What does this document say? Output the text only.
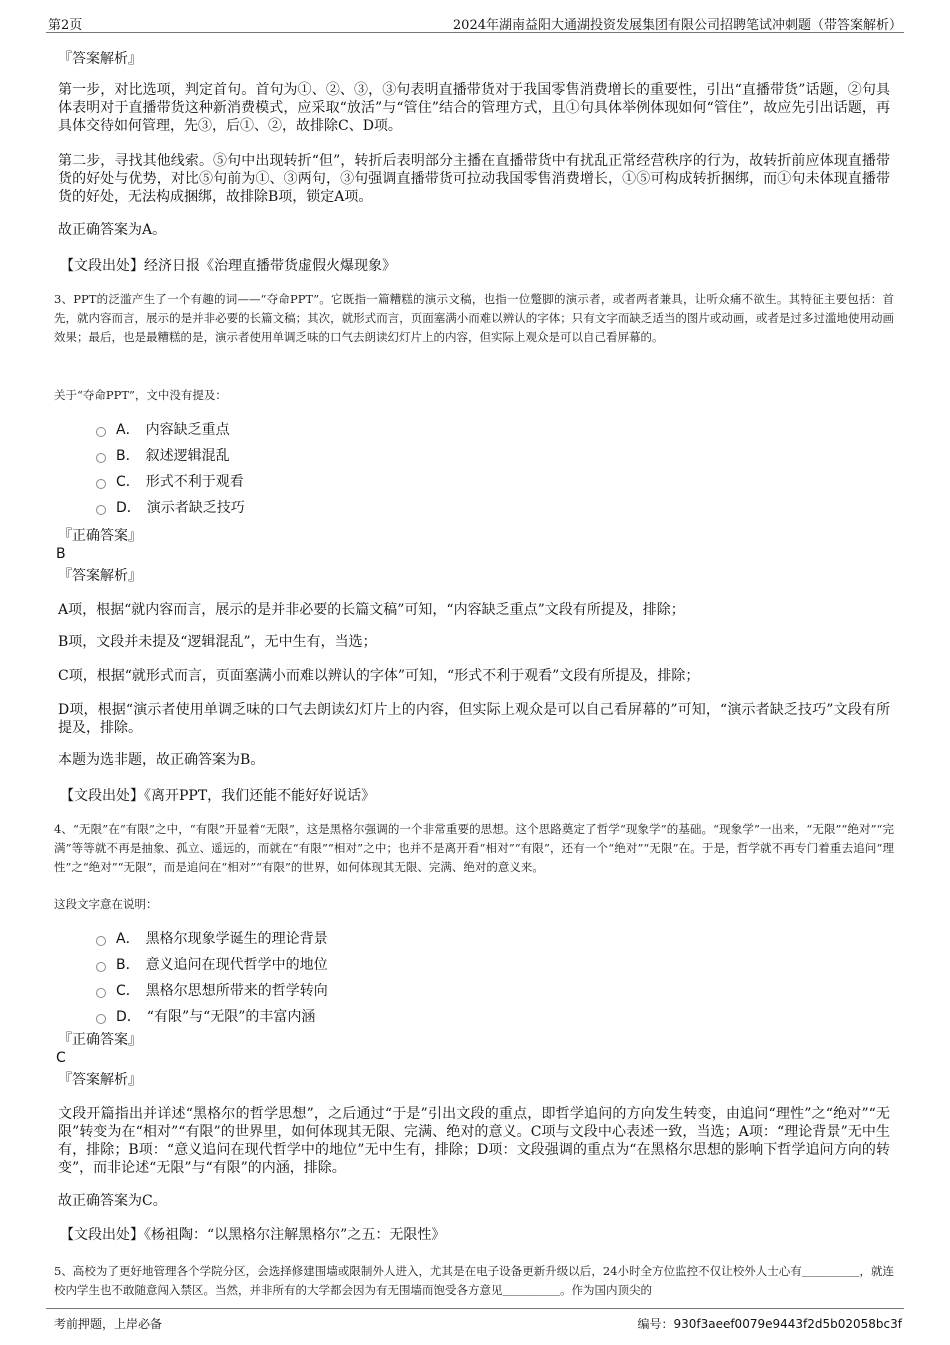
第2页	2024年湖南益阳大通湖投资发展集团有限公司招聘笔试冲刺题（带答案解析）
『答案解析』

第一步，对比选项，判定首句。首句为①、②、③，③句表明直播带货对于我国零售消费增长的重要性，引出“直播带货”话题，②句具体表明对于直播带货这种新消费模式，应采取“放活”与“管住”结合的管理方式，且①句具体举例体现如何“管住”，故应先引出话题，再具体交待如何管理，先③，后①、②，故排除C、D项。

第二步，寻找其他线索。⑤句中出现转折“但”，转折后表明部分主播在直播带货中有扰乱正常经营秩序的行为，故转折前应体现直播带货的好处与优势，对比⑤句前为①、③两句，③句强调直播带货可拉动我国零售消费增长，①⑤可构成转折捆绑，而①句未体现直播带货的好处，无法构成捆绑，故排除B项，锁定A项。

故正确答案为A。

【文段出处】经济日报《治理直播带货虚假火爆现象》

3、PPT的泛滥产生了一个有趣的词——“夺命PPT”。它既指一篇糟糕的演示文稿，也指一位蹩脚的演示者，或者两者兼具，让听众痛不欲生。其特征主要包括：首先，就内容而言，展示的是并非必要的长篇文稿；其次，就形式而言，页面塞满小而难以辨认的字体；只有文字而缺乏适当的图片或动画，或者是过多过滥地使用动画效果；最后，也是最糟糕的是，演示者使用单调乏味的口气去朗读幻灯片上的内容，但实际上观众是可以自己看屏幕的。

关于“夺命PPT”，文中没有提及：

A． 内容缺乏重点
B． 叙述逻辑混乱
C． 形式不利于观看
D． 演示者缺乏技巧
『正确答案』
B
『答案解析』

A项，根据“就内容而言，展示的是并非必要的长篇文稿”可知，“内容缺乏重点”文段有所提及，排除；

B项，文段并未提及“逻辑混乱”，无中生有，当选；

C项，根据“就形式而言，页面塞满小而难以辨认的字体”可知，“形式不利于观看”文段有所提及，排除；

D项，根据“演示者使用单调乏味的口气去朗读幻灯片上的内容，但实际上观众是可以自己看屏幕的”可知，“演示者缺乏技巧”文段有所提及，排除。

本题为选非题，故正确答案为B。

【文段出处】《离开PPT，我们还能不能好好说话》

4、“无限”在“有限”之中，“有限”开显着“无限”，这是黑格尔强调的一个非常重要的思想。这个思路奠定了哲学“现象学”的基础。“现象学”一出来，“无限”“绝对”“完满”等等就不再是抽象、孤立、遥远的，而就在“有限”“相对”之中；也并不是离开看“相对”“有限”，还有一个“绝对”“无限”在。于是，哲学就不再专门着重去追问“理性”之“绝对”“无限”，而是追问在“相对”“有限”的世界，如何体现其无限、完满、绝对的意义来。

这段文字意在说明：

A． 黑格尔现象学诞生的理论背景
B． 意义追问在现代哲学中的地位
C． 黑格尔思想所带来的哲学转向
D． “有限”与“无限”的丰富内涵
『正确答案』
C
『答案解析』

文段开篇指出并详述“黑格尔的哲学思想”，之后通过“于是”引出文段的重点，即哲学追问的方向发生转变，由追问“理性”之“绝对”“无限”转变为在“相对”“有限”的世界里，如何体现其无限、完满、绝对的意义。C项与文段中心表述一致，当选；A项：“理论背景”无中生有，排除；B项：“意义追问在现代哲学中的地位”无中生有，排除；D项：文段强调的重点为“在黑格尔思想的影响下哲学追问方向的转变”，而非论述“无限”与“有限”的内涵，排除。

故正确答案为C。

【文段出处】《杨祖陶：“以黑格尔注解黑格尔”之五：无限性》

5、高校为了更好地管理各个学院分区，会选择修建围墙或限制外人进入，尤其是在电子设备更新升级以后，24小时全方位监控不仅让校外人士心有＿＿＿＿＿，就连校内学生也不敢随意闯入禁区。当然，并非所有的大学都会因为有无围墙而饱受各方意见＿＿＿＿＿。作为国内顶尖的

考前押题，上岸必备	编号：930f3aeef0079e9443f2d5b02058bc3f
